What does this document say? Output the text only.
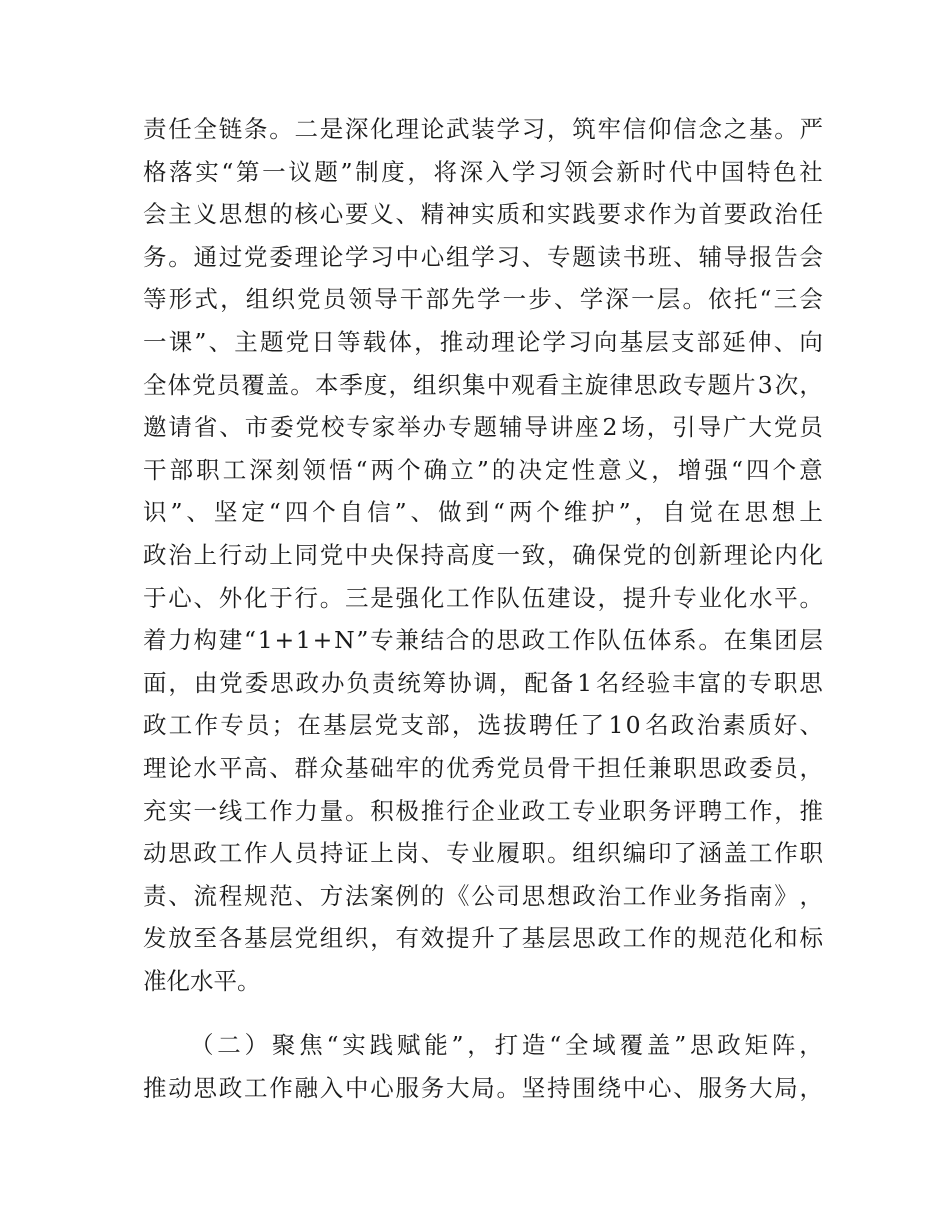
责 任 全 链 条 。 二 是 深 化 理 论 武 装 学 习 ， 筑 牢 信 仰 信 念 之 基 。 严
格 落 实 “ 第 一 议 题 ” 制 度 ， 将 深 入 学 习 领 会 新 时 代 中 国 特 色 社
会 主 义 思 想 的 核 心 要 义 、 精 神 实 质 和 实 践 要 求 作 为 首 要 政 治 任
务 。 通 过 党 委 理 论 学 习 中 心 组 学 习 、 专 题 读 书 班 、 辅 导 报 告 会
等 形 式 ， 组 织 党 员 领 导 干 部 先 学 一 步 、 学 深 一 层 。 依 托 “ 三 会
一 课 ” 、 主 题 党 日 等 载 体 ， 推 动 理 论 学 习 向 基 层 支 部 延 伸 、 向
全 体 党 员 覆 盖 。 本 季 度 ， 组 织 集 中 观 看 主 旋 律 思 政 专 题 片 3 次 ，
邀 请 省 、 市 委 党 校 专 家 举 办 专 题 辅 导 讲 座 2 场 ， 引 导 广 大 党 员
干 部 职 工 深 刻 领 悟 “ 两 个 确 立 ” 的 决 定 性 意 义 ， 增 强 “ 四 个 意
识 ” 、 坚 定 “ 四 个 自 信 ” 、 做 到 “ 两 个 维 护 ” ， 自 觉 在 思 想 上
政 治 上 行 动 上 同 党 中 央 保 持 高 度 一 致 ， 确 保 党 的 创 新 理 论 内 化
于 心 、 外 化 于 行 。 三 是 强 化 工 作 队 伍 建 设 ， 提 升 专 业 化 水 平 。
着 力 构 建 “ 1 + 1 + N ” 专 兼 结 合 的 思 政 工 作 队 伍 体 系 。 在 集 团 层
面 ， 由 党 委 思 政 办 负 责 统 筹 协 调 ， 配 备 1 名 经 验 丰 富 的 专 职 思
政 工 作 专 员 ； 在 基 层 党 支 部 ， 选 拔 聘 任 了 1 0 名 政 治 素 质 好 、
理 论 水 平 高 、 群 众 基 础 牢 的 优 秀 党 员 骨 干 担 任 兼 职 思 政 委 员 ，
充 实 一 线 工 作 力 量 。 积 极 推 行 企 业 政 工 专 业 职 务 评 聘 工 作 ， 推
动 思 政 工 作 人 员 持 证 上 岗 、 专 业 履 职 。 组 织 编 印 了 涵 盖 工 作 职
责 、 流 程 规 范 、 方 法 案 例 的 《 公 司 思 想 政 治 工 作 业 务 指 南 》 ，
发 放 至 各 基 层 党 组 织 ， 有 效 提 升 了 基 层 思 政 工 作 的 规 范 化 和 标
准化水平。
（ 二 ） 聚 焦 “ 实 践 赋 能 ” ， 打 造 “ 全 域 覆 盖 ” 思 政 矩 阵 ，
推 动 思 政 工 作 融 入 中 心 服 务 大 局 。 坚 持 围 绕 中 心 、 服 务 大 局 ，
